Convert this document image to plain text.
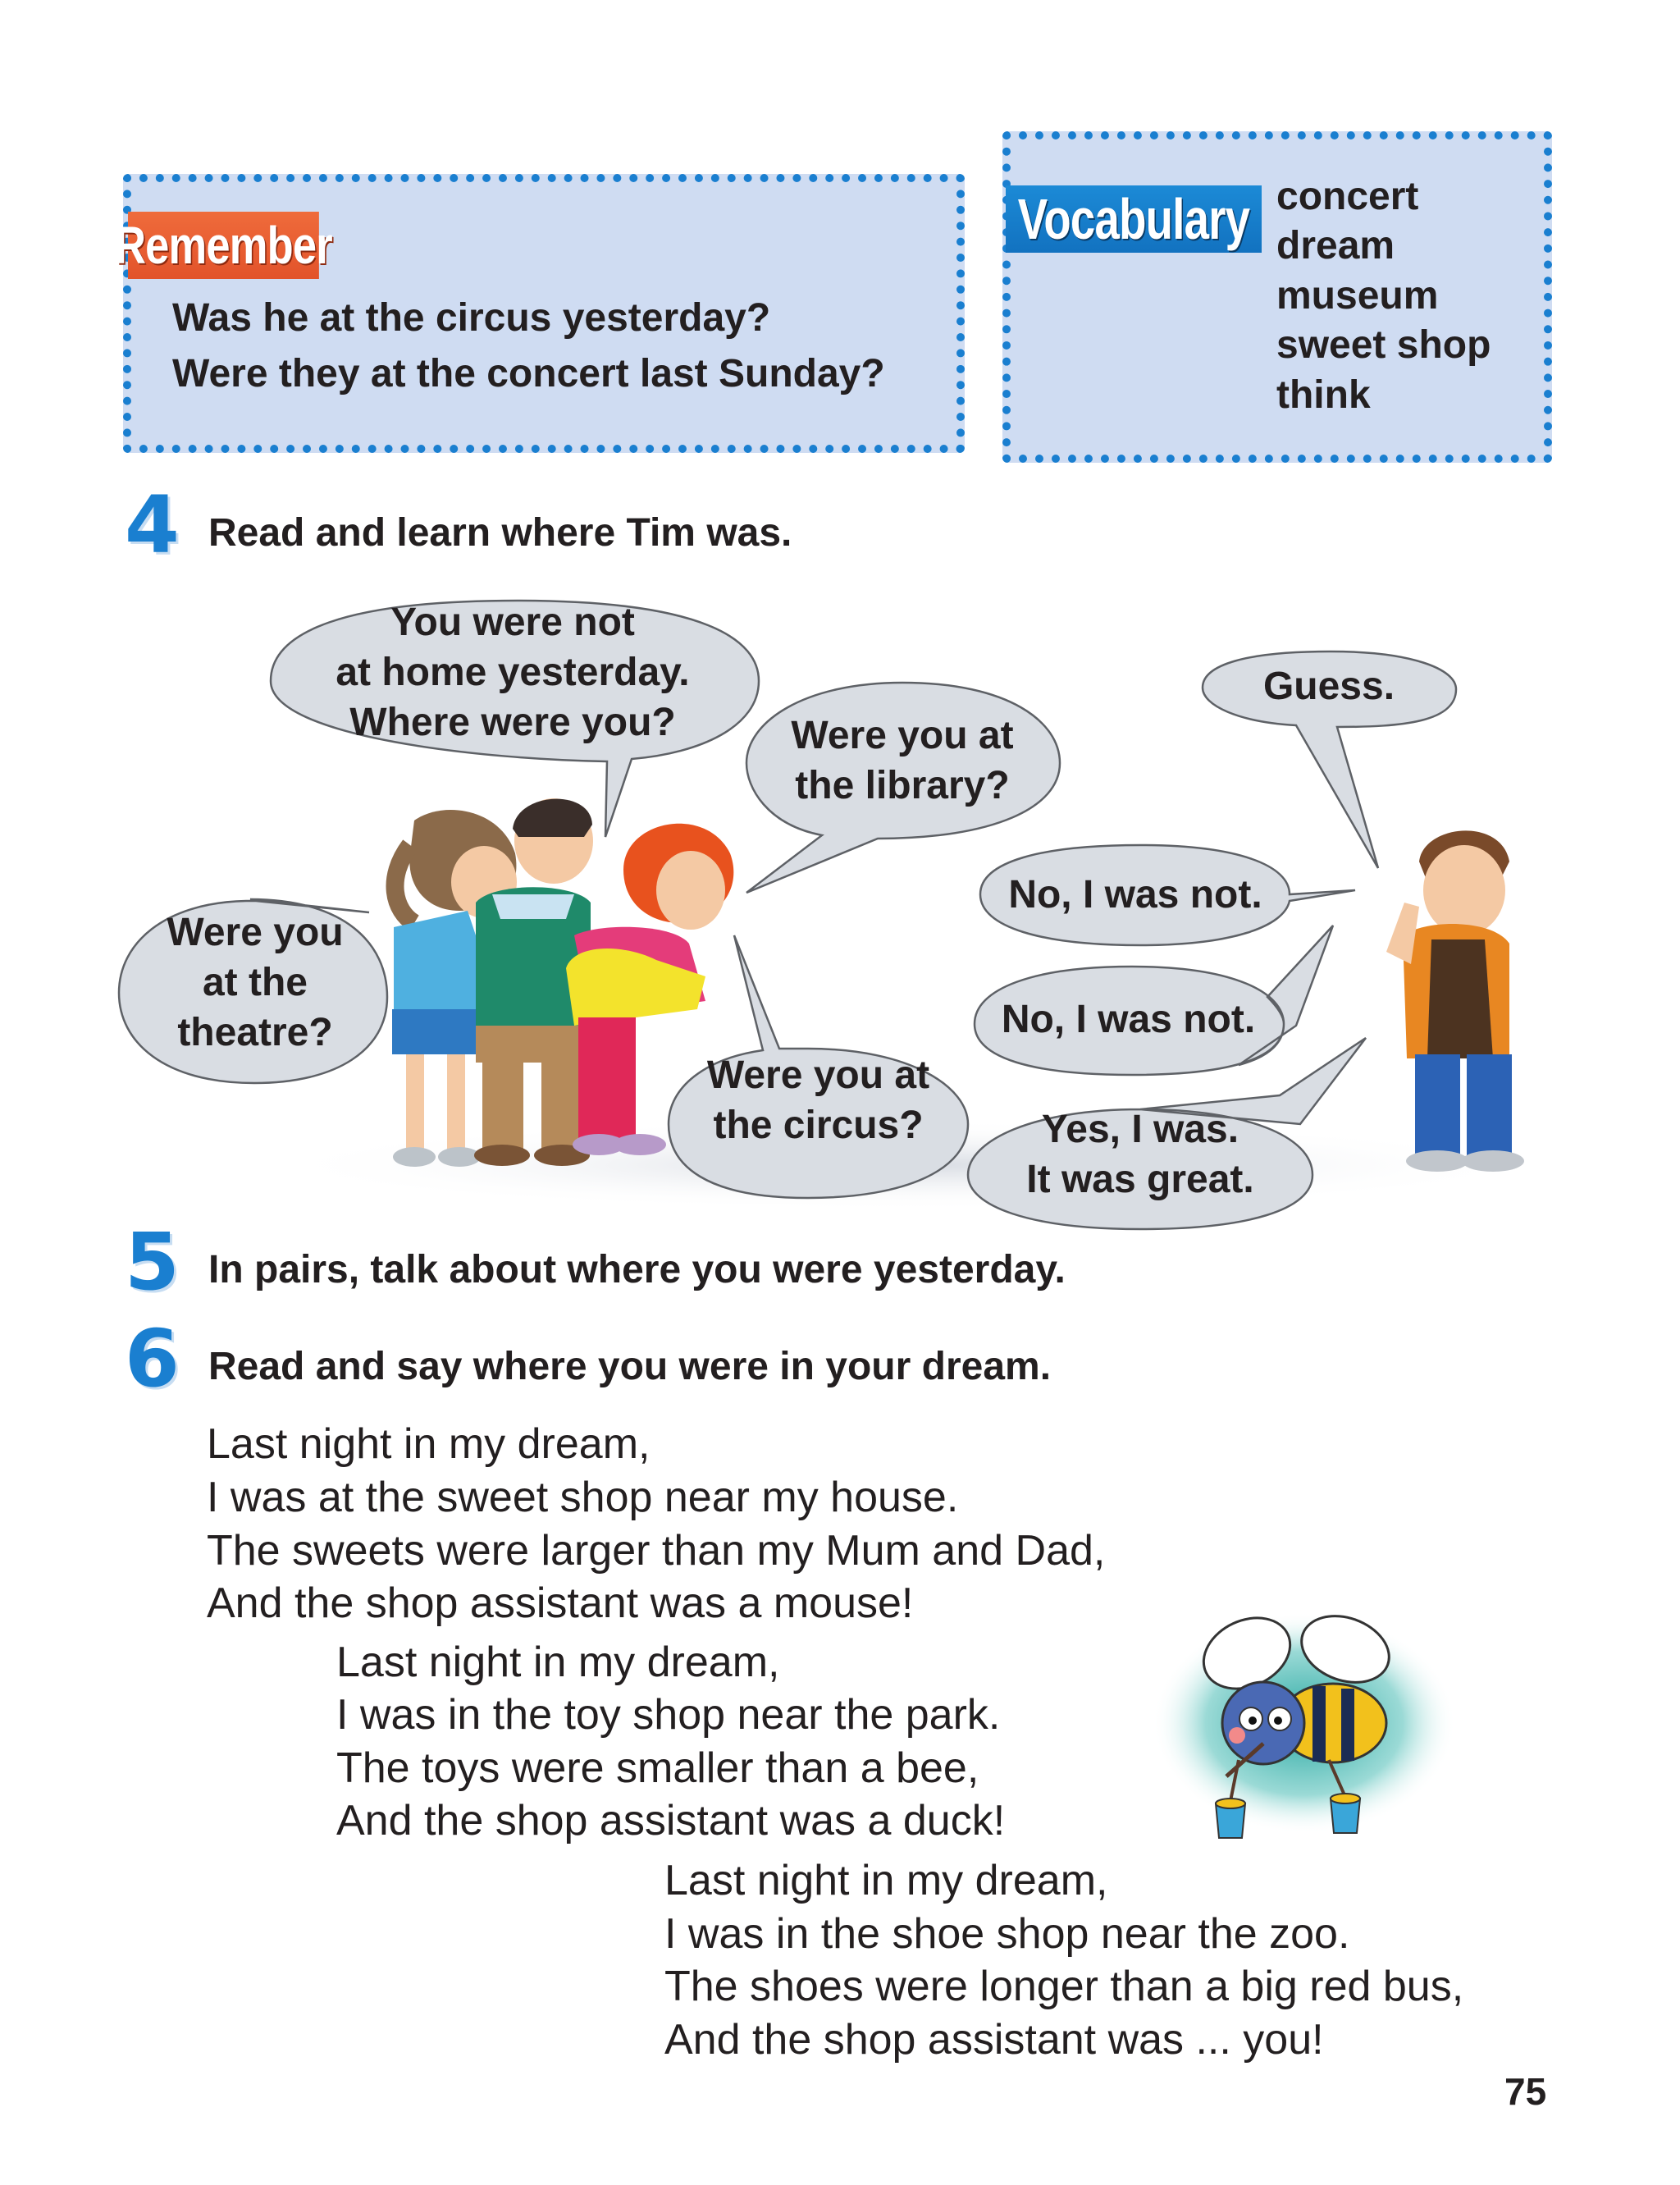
Remember
Was he at the circus yesterday?
Were they at the concert last Sunday?
Vocabulary concert
dream
museum
sweet shop
think
4 Read and learn where Tim was.
You were not
at home yesterday.
Where were you?	Were you at
the library?
Guess.
No, I was not.
Were you
at the
theatre?	No, I was not.
Were you at
the circus?	Yes, I was.
It was great.
5 In pairs, talk about where you were yesterday.
6 Read and say where you were in your dream.
Last night in my dream,
I was at the sweet shop near my house.
The sweets were larger than my Mum and Dad,
And the shop assistant was a mouse!
Last night in my dream,
I was in the toy shop near the park.
The toys were smaller than a bee,
And the shop assistant was a duck!
Last night in my dream,
I was in the shoe shop near the zoo.
The shoes were longer than a big red bus,
And the shop assistant was ... you!
75
